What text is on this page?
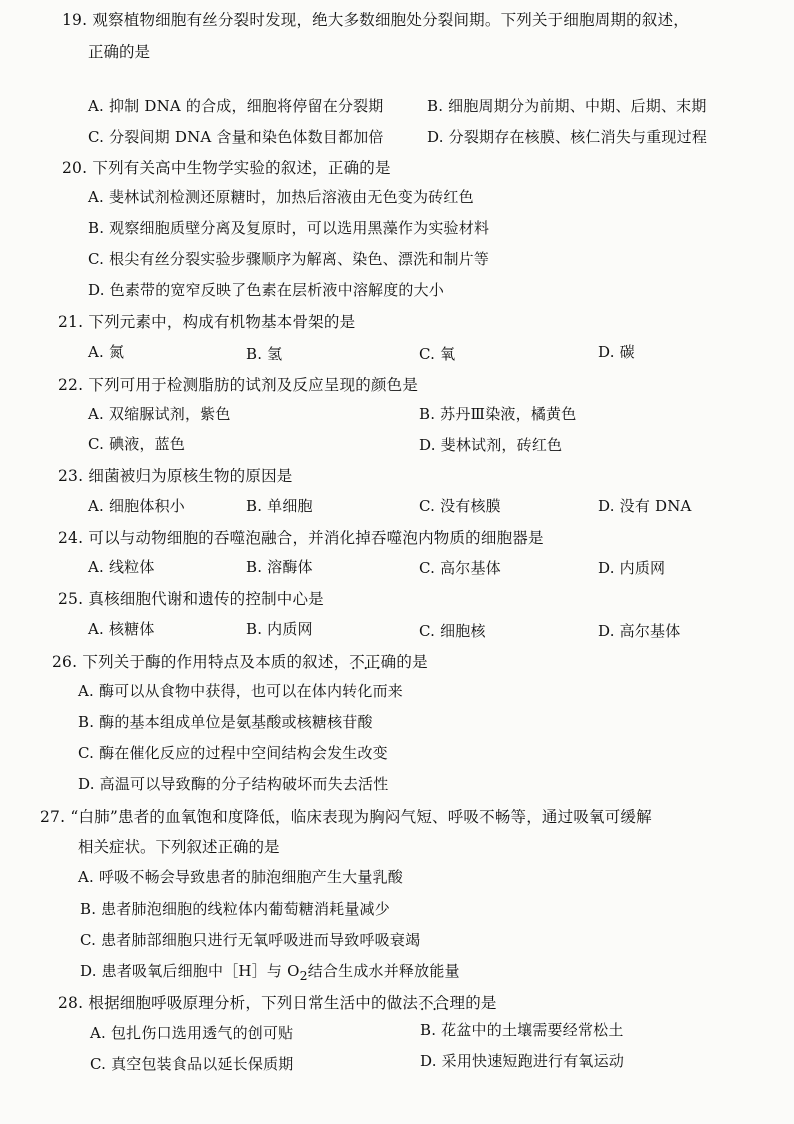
19. 观察植物细胞有丝分裂时发现，绝大多数细胞处分裂间期。下列关于细胞周期的叙述，
正确的是
A. 抑制 DNA 的合成，细胞将停留在分裂期	B. 细胞周期分为前期、中期、后期、末期
C. 分裂间期 DNA 含量和染色体数目都加倍	D. 分裂期存在核膜、核仁消失与重现过程
20. 下列有关高中生物学实验的叙述，正确的是
A. 斐林试剂检测还原糖时，加热后溶液由无色变为砖红色
B. 观察细胞质壁分离及复原时，可以选用黑藻作为实验材料
C. 根尖有丝分裂实验步骤顺序为解离、染色、漂洗和制片等
D. 色素带的宽窄反映了色素在层析液中溶解度的大小
21. 下列元素中，构成有机物基本骨架的是
A. 氮	B. 氢	C. 氧	D. 碳
22. 下列可用于检测脂肪的试剂及反应呈现的颜色是
A. 双缩脲试剂，紫色	B. 苏丹Ⅲ染液，橘黄色
C. 碘液，蓝色	D. 斐林试剂，砖红色
23. 细菌被归为原核生物的原因是
A. 细胞体积小	B. 单细胞	C. 没有核膜	D. 没有 DNA
24. 可以与动物细胞的吞噬泡融合，并消化掉吞噬泡内物质的细胞器是
A. 线粒体	B. 溶酶体	C. 高尔基体	D. 内质网
25. 真核细胞代谢和遗传的控制中心是
A. 核糖体	B. 内质网	C. 细胞核	D. 高尔基体
26. 下列关于酶的作用特点及本质的叙述，不正确 • • •的是
A. 酶可以从食物中获得，也可以在体内转化而来
B. 酶的基本组成单位是氨基酸或核糖核苷酸
C. 酶在催化反应的过程中空间结构会发生改变
D. 高温可以导致酶的分子结构破坏而失去活性
27. “白肺”患者的血氧饱和度降低，临床表现为胸闷气短、呼吸不畅等，通过吸氧可缓解
相关症状。下列叙述正确的是
A. 呼吸不畅会导致患者的肺泡细胞产生大量乳酸
B. 患者肺泡细胞的线粒体内葡萄糖消耗量减少
C. 患者肺部细胞只进行无氧呼吸进而导致呼吸衰竭
D. 患者吸氧后细胞中［H］与 $O_2$结合生成水并释放能量
28. 根据细胞呼吸原理分析，下列日常生活中的做法不合理 • • •的是
A. 包扎伤口选用透气的创可贴	B. 花盆中的土壤需要经常松土
C. 真空包装食品以延长保质期	D. 采用快速短跑进行有氧运动
